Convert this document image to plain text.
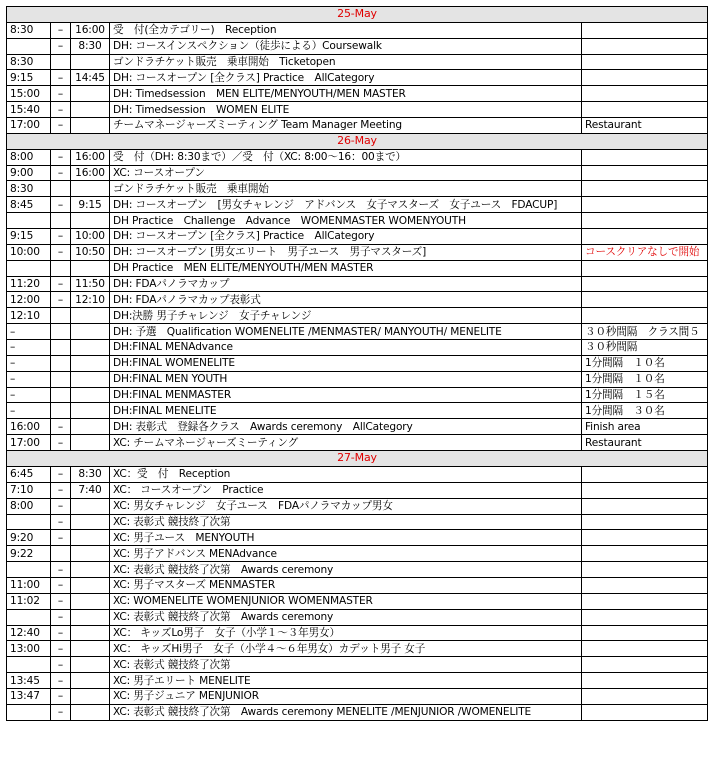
25-May				
8:30	–	16:00	受　付(全カテゴリー)　Reception	
	–	8:30	DH: コースインスペクション（徒歩による）Coursewalk	
8:30			ゴンドラチケット販売　乗車開始　Ticketopen	
9:15	–	14:45	DH: コースオープン [全クラス] Practice　AllCategory	
15:00	–		DH: Timedsession　MEN ELITE/MENYOUTH/MEN MASTER	
15:40	–		DH: Timedsession　WOMEN ELITE	
17:00	–		チームマネージャーズミーティング Team Manager Meeting	Restaurant
26-May				
8:00	–	16:00	受　付（DH: 8:30まで）／受　付（XC: 8:00～16：00まで）	
9:00	–	16:00	XC: コースオープン	
8:30			ゴンドラチケット販売　乗車開始	
8:45	–	9:15	DH: コースオープン　[男女チャレンジ　アドバンス　女子マスターズ　女子ユース　FDACUP]	
			DH Practice　Challenge　Advance　WOMENMASTER WOMENYOUTH	
9:15	–	10:00	DH: コースオープン [全クラス] Practice　AllCategory	
10:00	–	10:50	DH: コースオープン [男女エリート　男子ユース　男子マスターズ]	コースクリアなしで開始
			DH Practice　MEN ELITE/MENYOUTH/MEN MASTER	
11:20	–	11:50	DH: FDAパノラマカップ	
12:00	–	12:10	DH: FDAパノラマカップ表彰式	
12:10			DH:決勝 男子チャレンジ　女子チャレンジ	
–			DH: 予選　Qualification WOMENELITE /MENMASTER/ MANYOUTH/ MENELITE	３０秒間隔　クラス間５
–			DH:FINAL MENAdvance	３０秒間隔
–			DH:FINAL WOMENELITE	1分間隔　１０名
–			DH:FINAL MEN YOUTH	1分間隔　１０名
–			DH:FINAL MENMASTER	1分間隔　１５名
–			DH:FINAL MENELITE	1分間隔　３０名
16:00	–		DH: 表彰式　登録各クラス　Awards ceremony　AllCategory	Finish area
17:00	–		XC: チームマネージャーズミーティング	Restaurant
27-May				
6:45	–	8:30	XC：受　付　Reception	
7:10	–	7:40	XC： コースオープン　Practice	
8:00	–		XC: 男女チャレンジ　女子ユース　FDAパノラマカップ男女	
	–		XC: 表彰式 競技終了次第	
9:20	–		XC: 男子ユース　MENYOUTH	
9:22			XC: 男子アドバンス MENAdvance	
	–		XC: 表彰式 競技終了次第　Awards ceremony	
11:00	–		XC: 男子マスターズ MENMASTER	
11:02	–		XC: WOMENELITE WOMENJUNIOR WOMENMASTER	
	–		XC: 表彰式 競技終了次第　Awards ceremony	
12:40	–		XC： キッズLo男子　女子（小学１～３年男女）	
13:00	–		XC： キッズHi男子　女子（小学４～６年男女）カデット男子 女子	
	–		XC: 表彰式 競技終了次第	
13:45	–		XC: 男子エリート MENELITE	
13:47	–		XC: 男子ジュニア MENJUNIOR	
	–		XC: 表彰式 競技終了次第　Awards ceremony MENELITE /MENJUNIOR /WOMENELITE	
